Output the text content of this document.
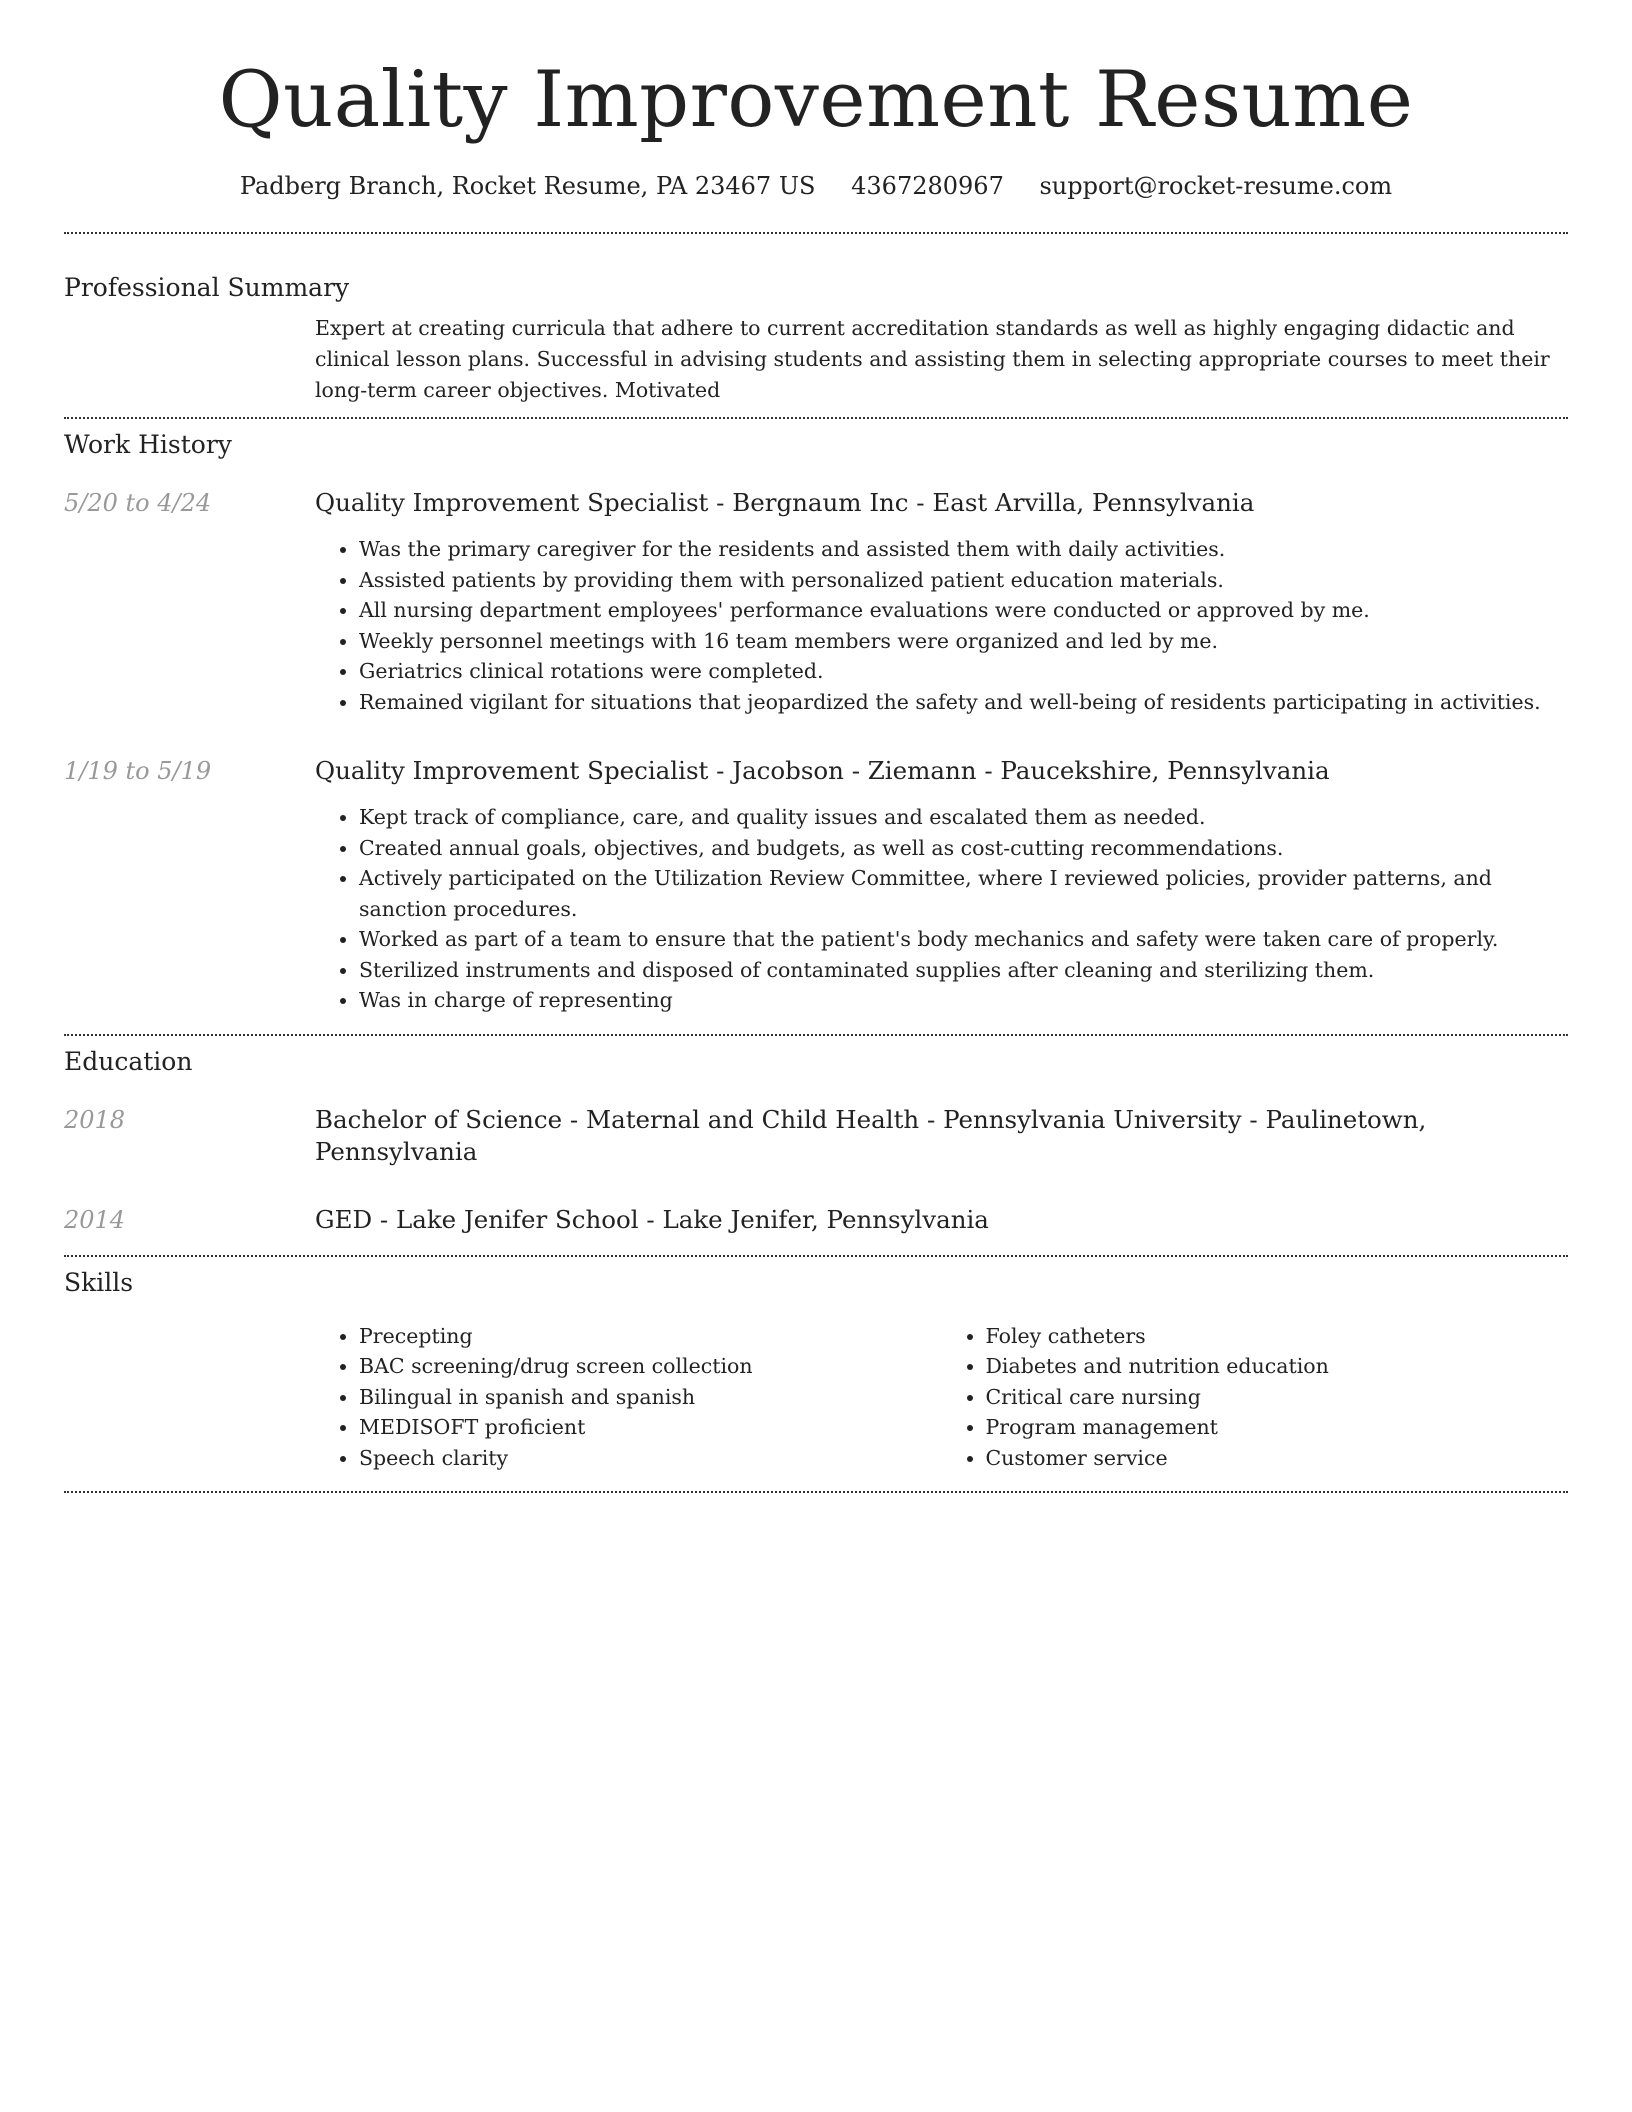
Quality Improvement Resume
Padberg Branch, Rocket Resume, PA 23467 US 4367280967 support@rocket-resume.com
Professional Summary
Expert at creating curricula that adhere to current accreditation standards as well as highly engaging didactic and clinical lesson plans. Successful in advising students and assisting them in selecting appropriate courses to meet their long-term career objectives. Motivated
Work History
5/20 to 4/24	Quality Improvement Specialist - Bergnaum Inc - East Arvilla, Pennsylvania
• Was the primary caregiver for the residents and assisted them with daily activities.
• Assisted patients by providing them with personalized patient education materials.
• All nursing department employees' performance evaluations were conducted or approved by me.
• Weekly personnel meetings with 16 team members were organized and led by me.
• Geriatrics clinical rotations were completed.
• Remained vigilant for situations that jeopardized the safety and well-being of residents participating in activities.
1/19 to 5/19	Quality Improvement Specialist - Jacobson - Ziemann - Paucekshire, Pennsylvania
• Kept track of compliance, care, and quality issues and escalated them as needed.
• Created annual goals, objectives, and budgets, as well as cost-cutting recommendations.
• Actively participated on the Utilization Review Committee, where I reviewed policies, provider patterns, and sanction procedures.
• Worked as part of a team to ensure that the patient's body mechanics and safety were taken care of properly.
• Sterilized instruments and disposed of contaminated supplies after cleaning and sterilizing them.
• Was in charge of representing
Education
2018	Bachelor of Science - Maternal and Child Health - Pennsylvania University - Paulinetown, Pennsylvania
2014	GED - Lake Jenifer School - Lake Jenifer, Pennsylvania
Skills
• Precepting
• BAC screening/drug screen collection
• Bilingual in spanish and spanish
• MEDISOFT proficient
• Speech clarity
• Foley catheters
• Diabetes and nutrition education
• Critical care nursing
• Program management
• Customer service
